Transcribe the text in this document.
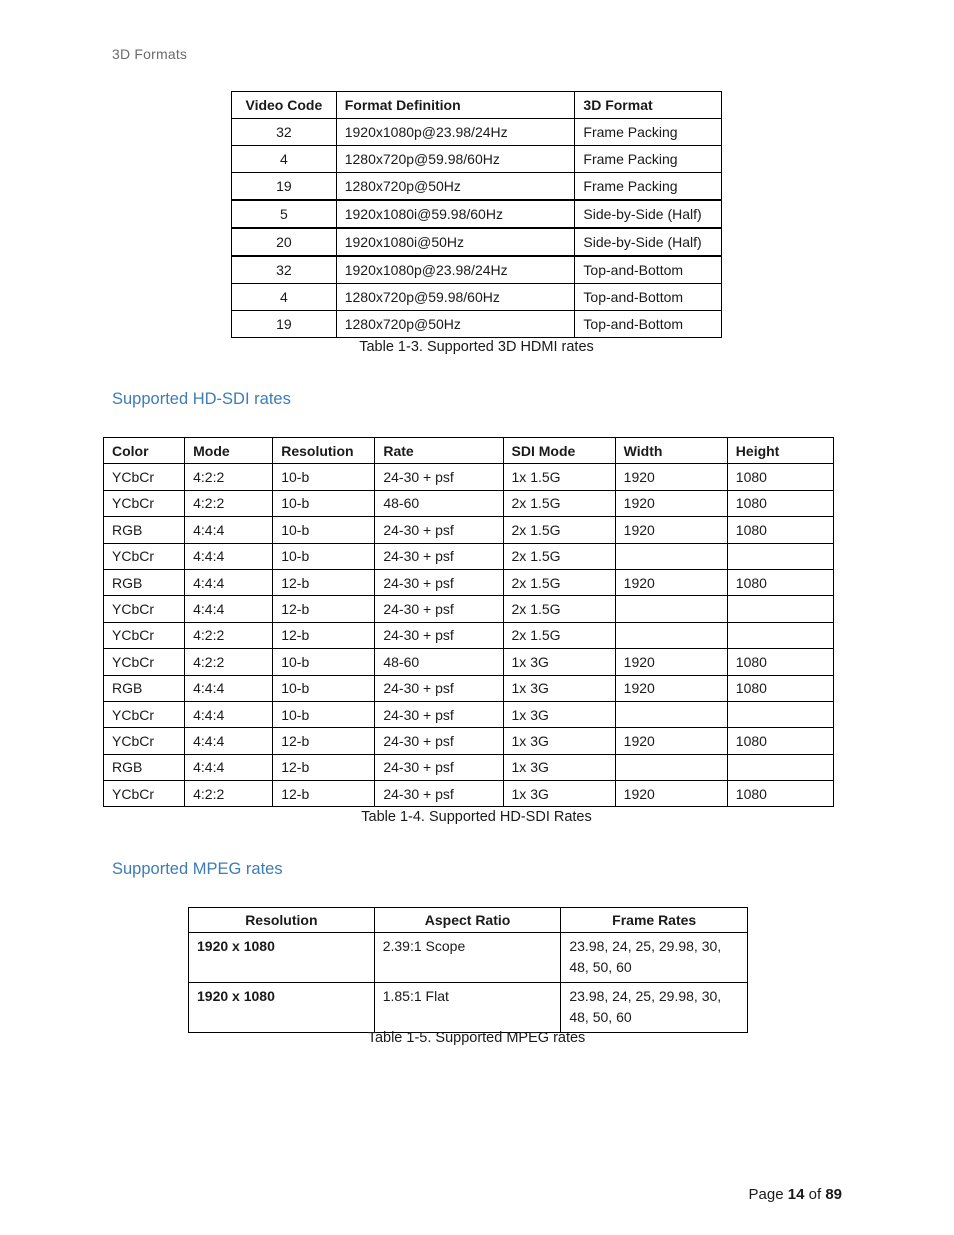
3D Formats
Video Code	Format Definition	3D Format
32	1920x1080p@23.98/24Hz	Frame Packing
4	1280x720p@59.98/60Hz	Frame Packing
19	1280x720p@50Hz	Frame Packing
5	1920x1080i@59.98/60Hz	Side-by-Side (Half)
20	1920x1080i@50Hz	Side-by-Side (Half)
32	1920x1080p@23.98/24Hz	Top-and-Bottom
4	1280x720p@59.98/60Hz	Top-and-Bottom
19	1280x720p@50Hz	Top-and-Bottom
Table 1-3. Supported 3D HDMI rates
Supported HD-SDI rates
Color	Mode	Resolution	Rate	SDI Mode	Width	Height
YCbCr	4:2:2	10-b	24-30 + psf	1x 1.5G	1920	1080
YCbCr	4:2:2	10-b	48-60	2x 1.5G	1920	1080
RGB	4:4:4	10-b	24-30 + psf	2x 1.5G	1920	1080
YCbCr	4:4:4	10-b	24-30 + psf	2x 1.5G		
RGB	4:4:4	12-b	24-30 + psf	2x 1.5G	1920	1080
YCbCr	4:4:4	12-b	24-30 + psf	2x 1.5G		
YCbCr	4:2:2	12-b	24-30 + psf	2x 1.5G		
YCbCr	4:2:2	10-b	48-60	1x 3G	1920	1080
RGB	4:4:4	10-b	24-30 + psf	1x 3G	1920	1080
YCbCr	4:4:4	10-b	24-30 + psf	1x 3G		
YCbCr	4:4:4	12-b	24-30 + psf	1x 3G	1920	1080
RGB	4:4:4	12-b	24-30 + psf	1x 3G		
YCbCr	4:2:2	12-b	24-30 + psf	1x 3G	1920	1080
Table 1-4. Supported HD-SDI Rates
Supported MPEG rates
Resolution	Aspect Ratio	Frame Rates
1920 x 1080	2.39:1 Scope	23.98, 24, 25, 29.98, 30, 48, 50, 60
1920 x 1080	1.85:1 Flat	23.98, 24, 25, 29.98, 30, 48, 50, 60
Table 1-5. Supported MPEG rates
Page 14 of 89
